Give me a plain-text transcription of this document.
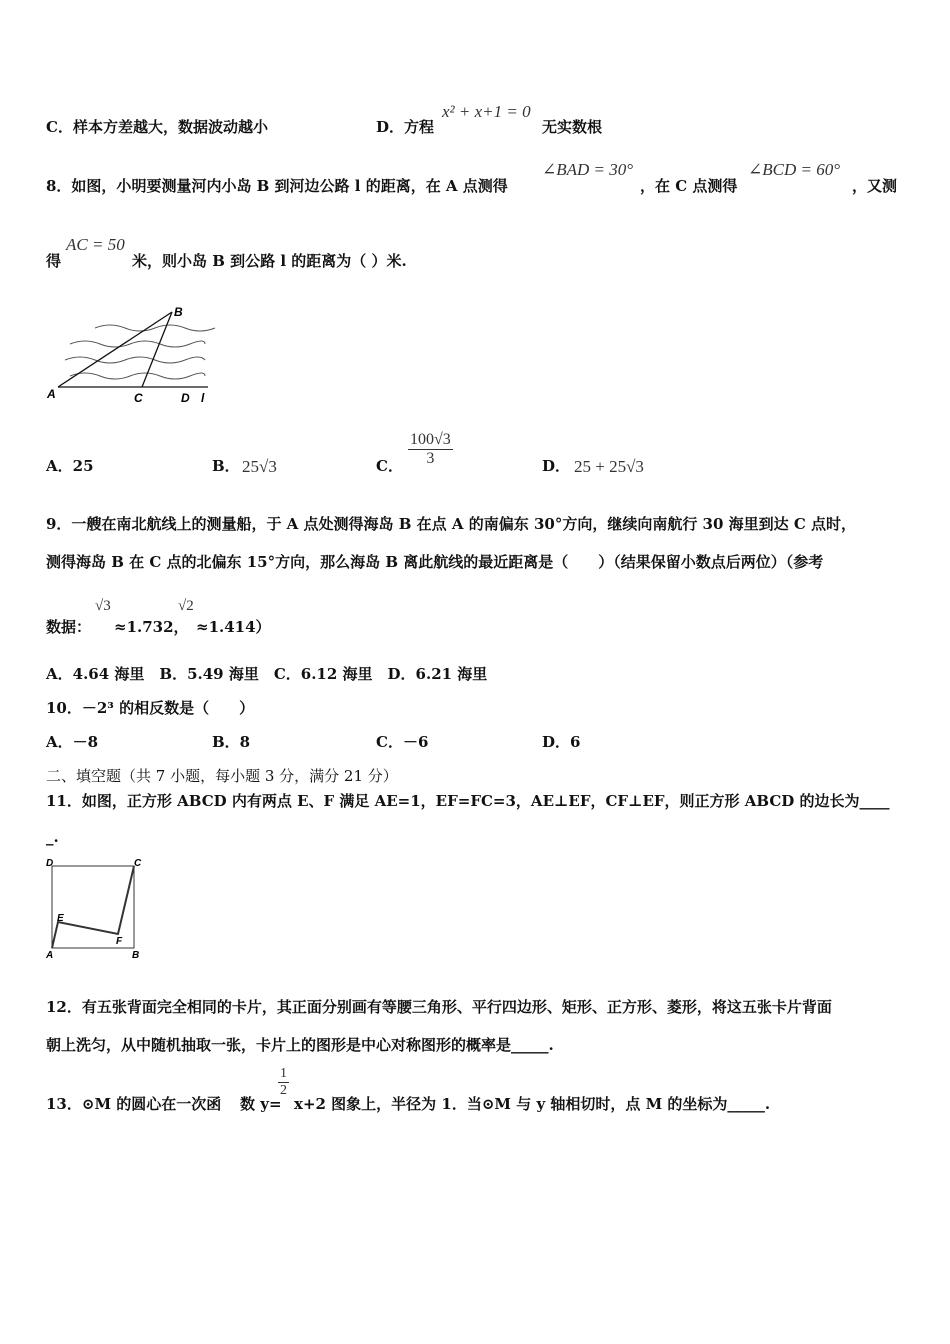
C．样本方差越大，数据波动越小	D．方程
x² + x+1 = 0
无实数根
8．如图，小明要测量河内小岛 B 到河边公路 l 的距离，在 A 点测得
∠BAD = 30°
，在 C 点测得
∠BCD = 60°
，又测
得
AC = 50
米，则小岛 B 到公路 l 的距离为（ ）米.
B
A	C	D l
A．25	B． 25√3	C． $\frac{100√3}{3}$	D． 25 + 25√3
9．一艘在南北航线上的测量船，于 A 点处测得海岛 B 在点 A 的南偏东 30°方向，继续向南航行 30 海里到达 C 点时，
测得海岛 B 在 C 点的北偏东 15°方向，那么海岛 B 离此航线的最近距离是（　　）（结果保留小数点后两位）（参考
数据：
√3
≈1.732，
√2
≈1.414）
A．4.64 海里　B．5.49 海里　C．6.12 海里　D．6.21 海里
10．－2³ 的相反数是（　　）
A．－8	B．8	C．－6	D．6
二、填空题（共 7 小题，每小题 3 分，满分 21 分）
11．如图，正方形 ABCD 内有两点 E、F 满足 AE=1，EF=FC=3，AE⊥EF，CF⊥EF，则正方形 ABCD 的边长为____
_.
D	C
A	B
E
F
12．有五张背面完全相同的卡片，其正面分别画有等腰三角形、平行四边形、矩形、正方形、菱形，将这五张卡片背面
朝上洗匀，从中随机抽取一张，卡片上的图形是中心对称图形的概率是_____.
13．⊙M 的圆心在一次函 数 y=
$\frac{1}{2}$
x+2 图象上，半径为 1．当⊙M 与 y 轴相切时，点 M 的坐标为_____.
